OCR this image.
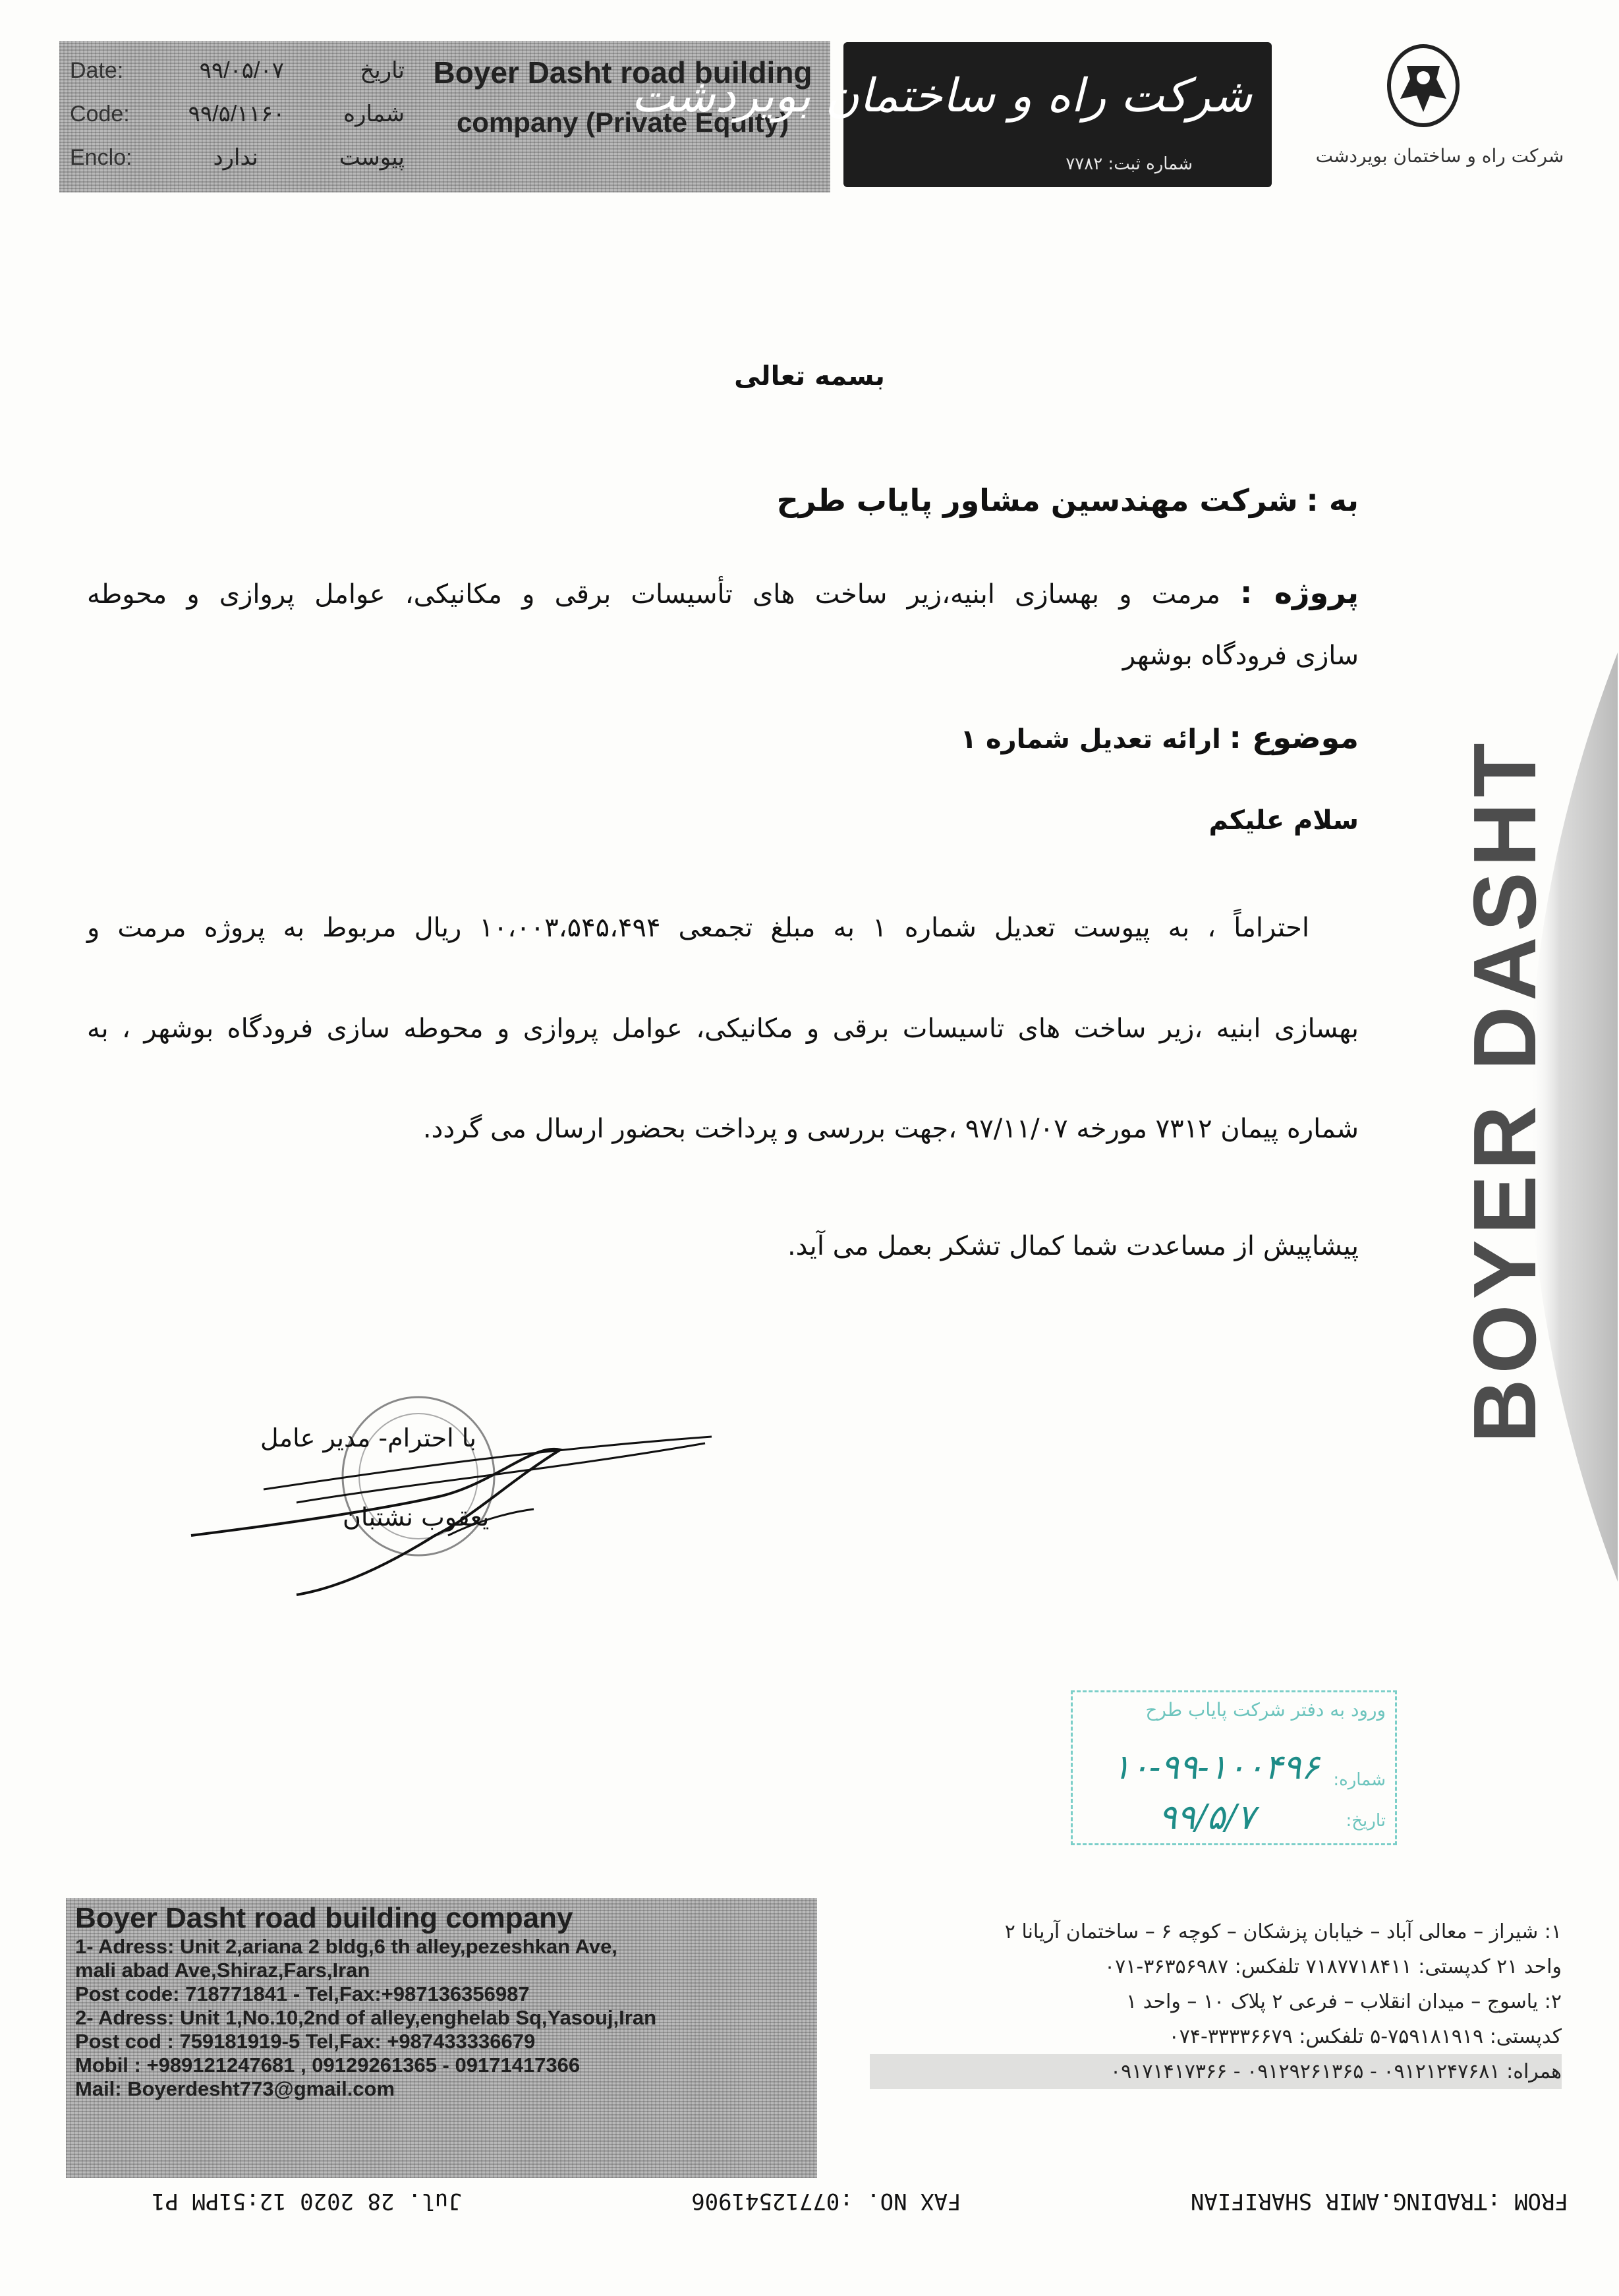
Date:	۹۹/۰۵/۰۷	تاریخ
Code:	۹۹/۵/۱۱۶۰	شماره
Enclo:	ندارد	پیوست
Boyer Dasht road building
company (Private Equity)
شرکت راه و ساختمان بویردشت
شماره ثبت: ۷۷۸۲	شرکت راه و ساختمان بویردشت
بسمه تعالی
به : شرکت مهندسین مشاور پایاب طرح
پروژه : مرمت و بهسازی ابنیه،زیر ساخت های تأسیسات برقی و مکانیکی، عوامل پروازی و محوطه
سازی فرودگاه بوشهر
موضوع : ارائه تعدیل شماره ۱
سلام علیکم
احتراماً ، به پیوست تعدیل شماره ۱ به مبلغ تجمعی ۱۰،۰۰۳،۵۴۵،۴۹۴ ریال مربوط به پروژه مرمت و
بهسازی ابنیه ،زیر ساخت های تاسیسات برقی و مکانیکی، عوامل پروازی و محوطه سازی فرودگاه بوشهر ، به
شماره پیمان ۷۳۱۲ مورخه ۹۷/۱۱/۰۷ ،جهت بررسی و پرداخت بحضور ارسال می گردد.
پیشاپیش از مساعدت شما کمال تشکر بعمل می آید. BOYER DASHT
با احترام- مدیر عامل
یعقوب نشتبان
ورود به دفتر شرکت پایاب طرح
شماره:
۱۰-۹۹-۱۰۰۴۹۶
تاریخ:
۹۹/۵/۷
Boyer Dasht road building company
1- Adress: Unit 2,ariana 2 bldg,6 th alley,pezeshkan Ave,
mali abad Ave,Shiraz,Fars,Iran
Post code: 718771841 - Tel,Fax:+987136356987
2- Adress: Unit 1,No.10,2nd of alley,enghelab Sq,Yasouj,Iran
Post cod : 759181919-5 Tel,Fax: +987433336679
Mobil : +989121247681 , 09129261365 - 09171417366
Mail: Boyerdesht773@gmail.com
۱: شیراز – معالی آباد – خیابان پزشکان – کوچه ۶ – ساختمان آریانا ۲
واحد ۲۱ کدپستی: ۷۱۸۷۷۱۸۴۱۱ تلفکس: ۳۶۳۵۶۹۸۷-۰۷۱
۲: یاسوج – میدان انقلاب – فرعی ۲ پلاک ۱۰ – واحد ۱
کدپستی: ۷۵۹۱۸۱۹۱۹-۵ تلفکس: ۳۳۳۳۶۶۷۹-۰۷۴
همراه: ۰۹۱۲۱۲۴۷۶۸۱ - ۰۹۱۲۹۲۶۱۳۶۵ - ۰۹۱۷۱۴۱۷۳۶۶
FROM :TRADING.AMIR SHARIFIAN
FAX NO. :07712541906
Jul. 28 2020 12:51PM P1
